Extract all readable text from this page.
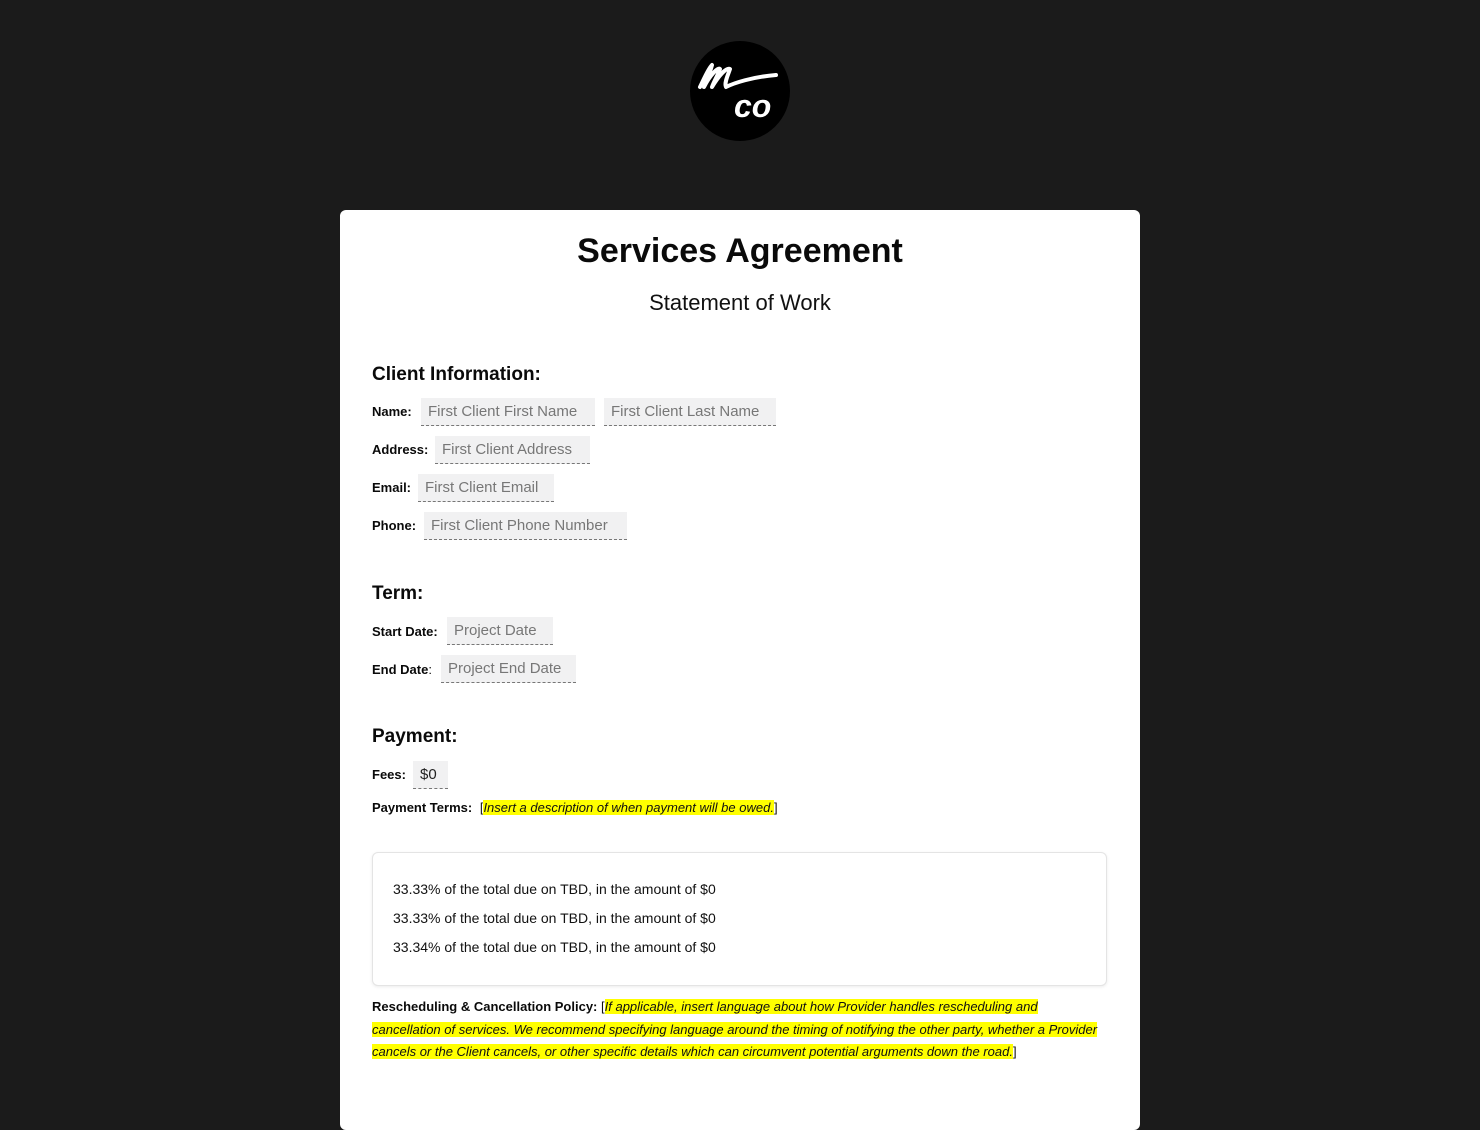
co
Services Agreement
Statement of Work
Client Information:
Name:	First Client First Name	First Client Last Name
Address: First Client Address
Email: First Client Email
Phone: First Client Phone Number
Term:
Start Date:	Project Date
End Date:	Project End Date
Payment:
Fees: $0
Payment Terms: [Insert a description of when payment will be owed.]
33.33% of the total due on TBD, in the amount of $0
33.33% of the total due on TBD, in the amount of $0
33.34% of the total due on TBD, in the amount of $0
Rescheduling & Cancellation Policy: [If applicable, insert language about how Provider handles rescheduling and cancellation of services. We recommend specifying language around the timing of notifying the other party, whether a Provider cancels or the Client cancels, or other specific details which can circumvent potential arguments down the road.]
